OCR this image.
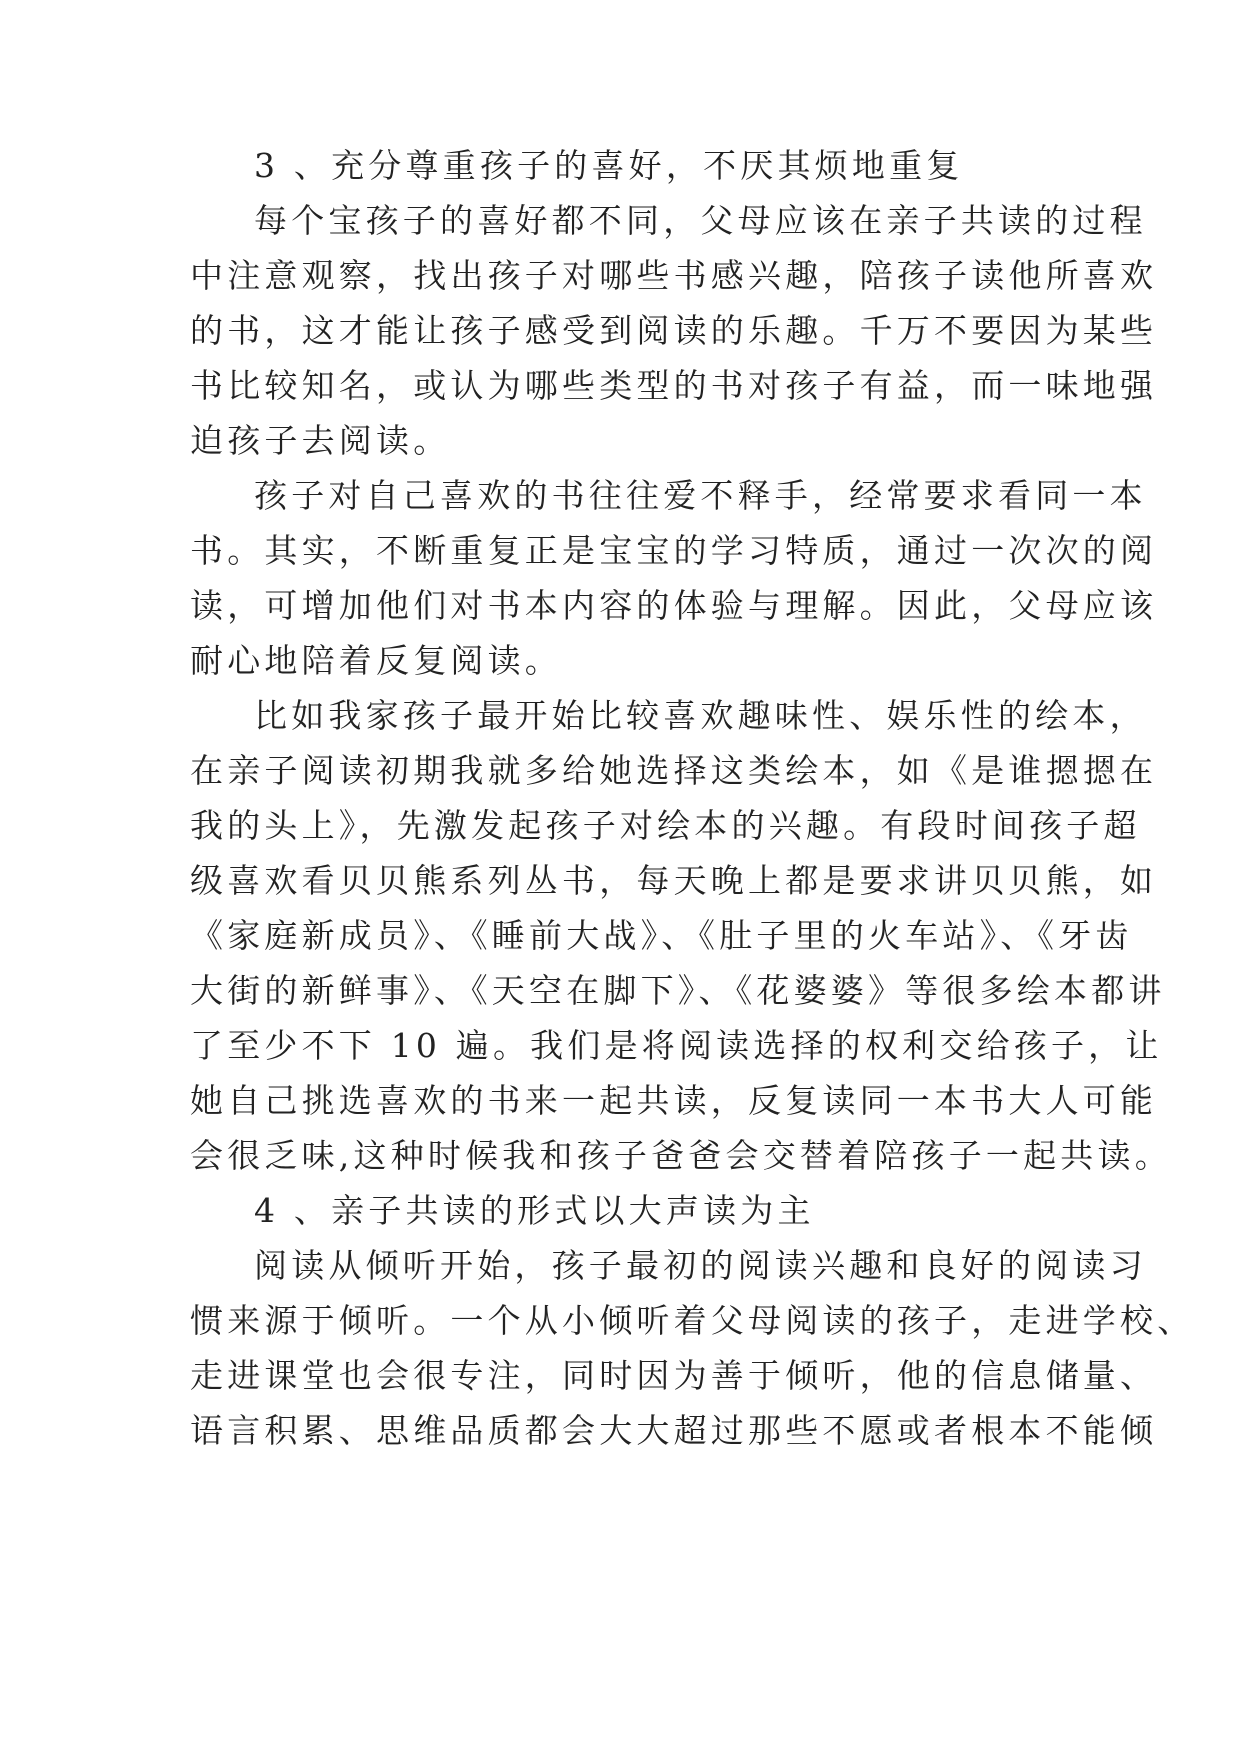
3 、充分尊重孩子的喜好，不厌其烦地重复

每个宝孩子的喜好都不同，父母应该在亲子共读的过程

中注意观察，找出孩子对哪些书感兴趣，陪孩子读他所喜欢

的书，这才能让孩子感受到阅读的乐趣。千万不要因为某些

书比较知名，或认为哪些类型的书对孩子有益，而一味地强

迫孩子去阅读。

孩子对自己喜欢的书往往爱不释手，经常要求看同一本

书。其实，不断重复正是宝宝的学习特质，通过一次次的阅

读，可增加他们对书本内容的体验与理解。因此，父母应该

耐心地陪着反复阅读。

比如我家孩子最开始比较喜欢趣味性、娱乐性的绘本，

在亲子阅读初期我就多给她选择这类绘本，如《是谁摁摁在

我的头上》，先激发起孩子对绘本的兴趣。有段时间孩子超

级喜欢看贝贝熊系列丛书，每天晚上都是要求讲贝贝熊，如

《家庭新成员》、《睡前大战》、《肚子里的火车站》、《牙齿

大街的新鲜事》、《天空在脚下》、《花婆婆》等很多绘本都讲

了至少不下 10 遍。我们是将阅读选择的权利交给孩子，让

她自己挑选喜欢的书来一起共读，反复读同一本书大人可能

会很乏味,这种时候我和孩子爸爸会交替着陪孩子一起共读。

4 、亲子共读的形式以大声读为主

阅读从倾听开始，孩子最初的阅读兴趣和良好的阅读习

惯来源于倾听。一个从小倾听着父母阅读的孩子，走进学校、

走进课堂也会很专注，同时因为善于倾听，他的信息储量、

语言积累、思维品质都会大大超过那些不愿或者根本不能倾
